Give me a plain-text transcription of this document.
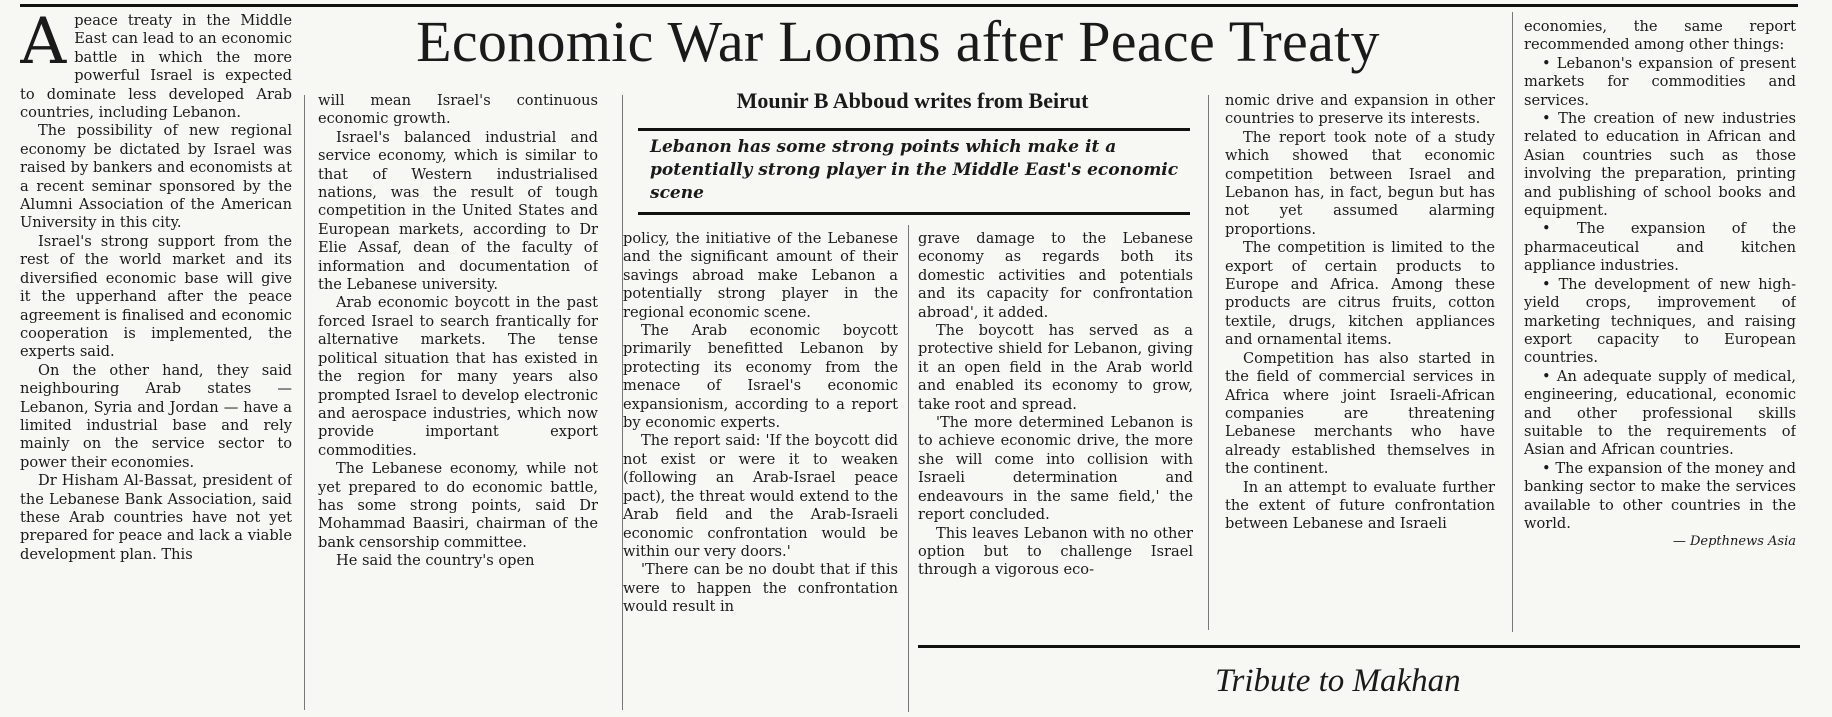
Economic War Looms after Peace Treaty
Mounir B Abboud writes from Beirut
Lebanon has some strong points which make it a potentially strong player in the Middle East's economic scene
A peace treaty in the Middle East can lead to an economic battle in which the more powerful Israel is expected to dominate less developed Arab countries, including Lebanon.

The possibility of new regional economy be dictated by Israel was raised by bankers and economists at a recent seminar sponsored by the Alumni Association of the American University in this city.

Israel's strong support from the rest of the world market and its diversified economic base will give it the upperhand after the peace agreement is finalised and economic cooperation is implemented, the experts said.

On the other hand, they said neighbouring Arab states — Lebanon, Syria and Jordan — have a limited industrial base and rely mainly on the service sector to power their economies.

Dr Hisham Al-Bassat, president of the Lebanese Bank Association, said these Arab countries have not yet prepared for peace and lack a viable development plan. This

will mean Israel's continuous economic growth.

Israel's balanced industrial and service economy, which is similar to that of Western industrialised nations, was the result of tough competition in the United States and European markets, according to Dr Elie Assaf, dean of the faculty of information and documentation of the Lebanese university.

Arab economic boycott in the past forced Israel to search frantically for alternative markets. The tense political situation that has existed in the region for many years also prompted Israel to develop electronic and aerospace industries, which now provide important export commodities.

The Lebanese economy, while not yet prepared to do economic battle, has some strong points, said Dr Mohammad Baasiri, chairman of the bank censorship committee.

He said the country's open

policy, the initiative of the Lebanese and the significant amount of their savings abroad make Lebanon a potentially strong player in the regional economic scene.

The Arab economic boycott primarily benefitted Lebanon by protecting its economy from the menace of Israel's economic expansionism, according to a report by economic experts.

The report said: 'If the boycott did not exist or were it to weaken (following an Arab-Israel peace pact), the threat would extend to the Arab field and the Arab-Israeli economic confrontation would be within our very doors.'

'There can be no doubt that if this were to happen the confrontation would result in

grave damage to the Lebanese economy as regards both its domestic activities and potentials and its capacity for confrontation abroad', it added.

The boycott has served as a protective shield for Lebanon, giving it an open field in the Arab world and enabled its economy to grow, take root and spread.

'The more determined Lebanon is to achieve economic drive, the more she will come into collision with Israeli determination and endeavours in the same field,' the report concluded.

This leaves Lebanon with no other option but to challenge Israel through a vigorous eco-

nomic drive and expansion in other countries to preserve its interests.

The report took note of a study which showed that economic competition between Israel and Lebanon has, in fact, begun but has not yet assumed alarming proportions.

The competition is limited to the export of certain products to Europe and Africa. Among these products are citrus fruits, cotton textile, drugs, kitchen appliances and ornamental items.

Competition has also started in the field of commercial services in Africa where joint Israeli-African companies are threatening Lebanese merchants who have already established themselves in the continent.

In an attempt to evaluate further the extent of future confrontation between Lebanese and Israeli

economies, the same report recommended among other things:

• Lebanon's expansion of present markets for commodities and services.

• The creation of new industries related to education in African and Asian countries such as those involving the preparation, printing and publishing of school books and equipment.

• The expansion of the pharmaceutical and kitchen appliance industries.

• The development of new high-yield crops, improvement of marketing techniques, and raising export capacity to European countries.

• An adequate supply of medical, engineering, educational, economic and other professional skills suitable to the requirements of Asian and African countries.

• The expansion of the money and banking sector to make the services available to other countries in the world.

— Depthnews Asia
Tribute to Makhan
